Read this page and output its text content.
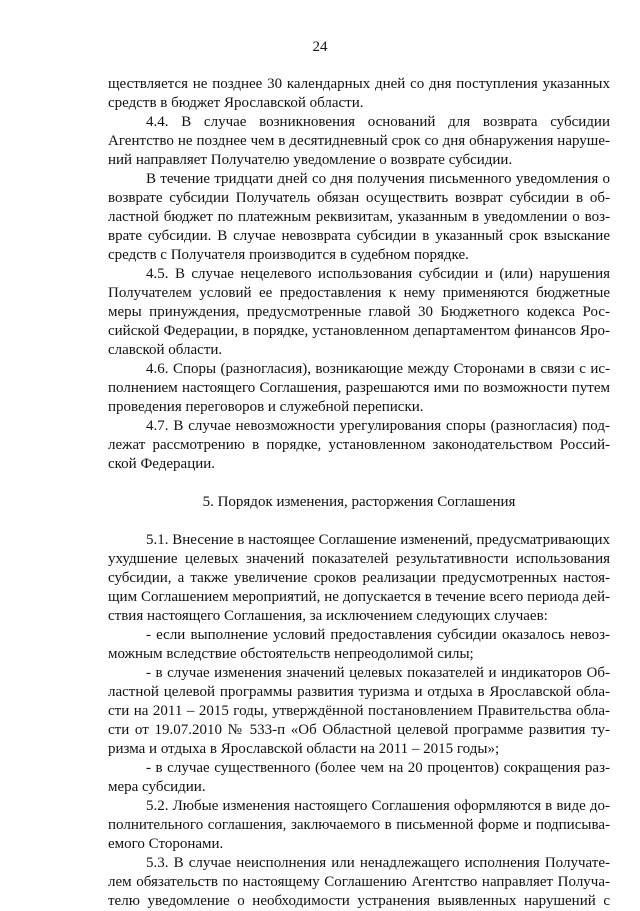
24
ществляется не позднее 30 календарных дней со дня поступления указанных
средств в бюджет Ярославской области.
4.4. В случае возникновения оснований для возврата субсидии
Агентство не позднее чем в десятидневный срок со дня обнаружения наруше-
ний направляет Получателю уведомление о возврате субсидии.
В течение тридцати дней со дня получения письменного уведомления о
возврате субсидии Получатель обязан осуществить возврат субсидии в об-
ластной бюджет по платежным реквизитам, указанным в уведомлении о воз-
врате субсидии. В случае невозврата субсидии в указанный срок взыскание
средств с Получателя производится в судебном порядке.
4.5. В случае нецелевого использования субсидии и (или) нарушения
Получателем условий ее предоставления к нему применяются бюджетные
меры принуждения, предусмотренные главой 30 Бюджетного кодекса Рос-
сийской Федерации, в порядке, установленном департаментом финансов Яро-
славской области.
4.6. Споры (разногласия), возникающие между Сторонами в связи с ис-
полнением настоящего Соглашения, разрешаются ими по возможности путем
проведения переговоров и служебной переписки.
4.7. В случае невозможности урегулирования споры (разногласия) под-
лежат рассмотрению в порядке, установленном законодательством Россий-
ской Федерации.
5. Порядок изменения, расторжения Соглашения
5.1. Внесение в настоящее Соглашение изменений, предусматривающих
ухудшение целевых значений показателей результативности использования
субсидии, а также увеличение сроков реализации предусмотренных настоя-
щим Соглашением мероприятий, не допускается в течение всего периода дей-
ствия настоящего Соглашения, за исключением следующих случаев:
- если выполнение условий предоставления субсидии оказалось невоз-
можным вследствие обстоятельств непреодолимой силы;
- в случае изменения значений целевых показателей и индикаторов Об-
ластной целевой программы развития туризма и отдыха в Ярославской обла-
сти на 2011 – 2015 годы, утверждённой постановлением Правительства обла-
сти от 19.07.2010 № 533-п «Об Областной целевой программе развития ту-
ризма и отдыха в Ярославской области на 2011 – 2015 годы»;
- в случае существенного (более чем на 20 процентов) сокращения раз-
мера субсидии.
5.2. Любые изменения настоящего Соглашения оформляются в виде до-
полнительного соглашения, заключаемого в письменной форме и подписыва-
емого Сторонами.
5.3. В случае неисполнения или ненадлежащего исполнения Получате-
лем обязательств по настоящему Соглашению Агентство направляет Получа-
телю уведомление о необходимости устранения выявленных нарушений с
